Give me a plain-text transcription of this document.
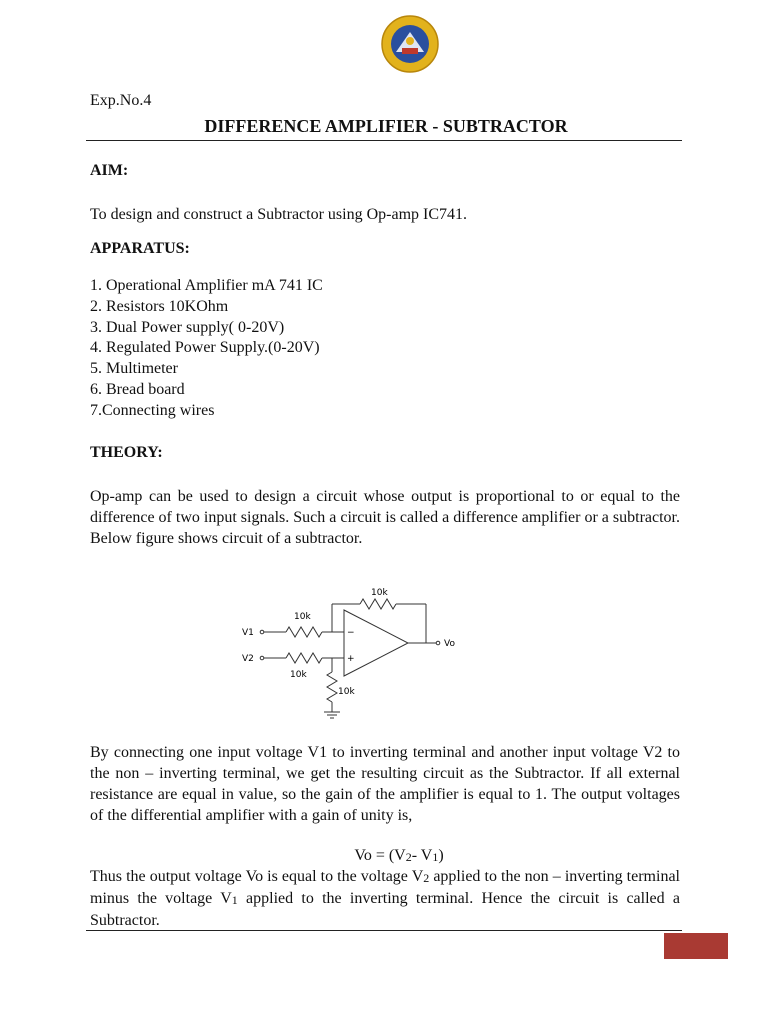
Exp.No.4
DIFFERENCE AMPLIFIER - SUBTRACTOR
AIM:
To design and construct a Subtractor using Op-amp IC741.
APPARATUS:
1. Operational Amplifier mA 741 IC
2. Resistors 10KOhm
3. Dual Power supply( 0-20V)
4. Regulated Power Supply.(0-20V)
5. Multimeter
6. Bread board
7.Connecting wires
THEORY:
Op-amp can be used to design a circuit whose output is proportional to or equal to the difference of two input signals. Such a circuit is called a difference amplifier or a subtractor. Below figure shows circuit of a subtractor.
V1
V2
Vo
10k
10k
10k
10k
−
+
By connecting one input voltage V1 to inverting terminal and another input voltage V2 to the non – inverting terminal, we get the resulting circuit as the Subtractor. If all external resistance are equal in value, so the gain of the amplifier is equal to 1. The output voltages of the differential amplifier with a gain of unity is,
$Vo = (V_2-$ $V_1$)
Thus the output voltage Vo is equal to the voltage $V_2$ applied to the non – inverting terminal minus the voltage $V_1$ applied to the inverting terminal. Hence the circuit is called a Subtractor.
